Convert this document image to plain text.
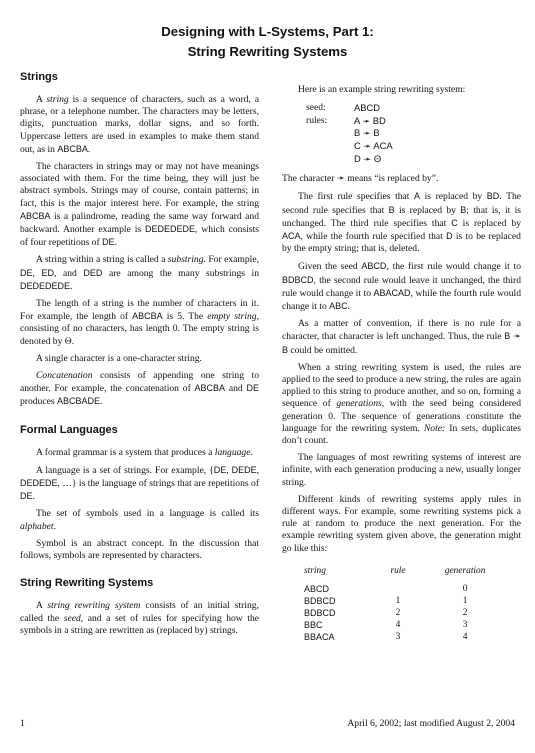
Designing with L-Systems, Part 1:
String Rewriting Systems
Strings

A string is a sequence of characters, such as a word, a phrase, or a telephone number. The characters may be letters, digits, punctuation marks, dollar signs, and so forth. Uppercase letters are used in examples to make them stand out, as in ABCBA.

The characters in strings may or may not have meanings associated with them. For the time being, they will just be abstract symbols. Strings may of course, contain patterns; in fact, this is the major interest here. For example, the string ABCBA is a palindrome, reading the same way forward and backward. Another example is DEDEDEDE, which consists of four repetitions of DE.

A string within a string is called a substring. For example, DE, ED, and DED are among the many substrings in DEDEDEDE.

The length of a string is the number of characters in it. For example, the length of ABCBA is 5. The empty string, consisting of no characters, has length 0. The empty string is denoted by Θ.

A single character is a one-character string.

Concatenation consists of appending one string to another. For example, the concatenation of ABCBA and DE produces ABCBADE.

Formal Languages

A formal grammar is a system that produces a language.

A language is a set of strings. For example, {DE, DEDE, DEDEDE, …} is the language of strings that are repetitions of DE.

The set of symbols used in a language is called its alphabet.

Symbol is an abstract concept. In the discussion that follows, symbols are represented by characters.

String Rewriting Systems

A string rewriting system consists of an initial string, called the seed, and a set of rules for specifying how the symbols in a string are rewritten as (replaced by) strings.

Here is an example string rewriting system:

seed:	ABCD
rules:	A ➛ BD
B ➛ B
C ➛ ACA
D ➛ Θ

The character ➛ means “is replaced by”.

The first rule specifies that A is replaced by BD. The second rule specifies that B is replaced by B; that is, it is unchanged. The third rule specifies that C is replaced by ACA, while the fourth rule specified that D is to be replaced by the empty string; that is, deleted.

Given the seed ABCD, the first rule would change it to BDBCD, the second rule would leave it unchanged, the third rule would change it to ABACAD, while the fourth rule would change it to ABC.

As a matter of convention, if there is no rule for a character, that character is left unchanged. Thus, the rule B ➛ B could be omitted.

When a string rewriting system is used, the rules are applied to the seed to produce a new string, the rules are again applied to this string to produce another, and so on, forming a sequence of generations, with the seed being considered generation 0. The sequence of generations constitute the language for the rewriting system. Note: In sets, duplicates don’t count.

The languages of most rewriting systems of interest are infinite, with each generation producing a new, usually longer string.

Different kinds of rewriting systems apply rules in different ways. For example, some rewriting systems pick a rule at random to produce the next generation. For the example rewriting system given above, the generation might go like this:

string	rule	generation
ABCD		0
BDBCD	1	1
BDBCD	2	2
BBC	4	3
BBACA	3	4
1	April 6, 2002; last modified August 2, 2004
